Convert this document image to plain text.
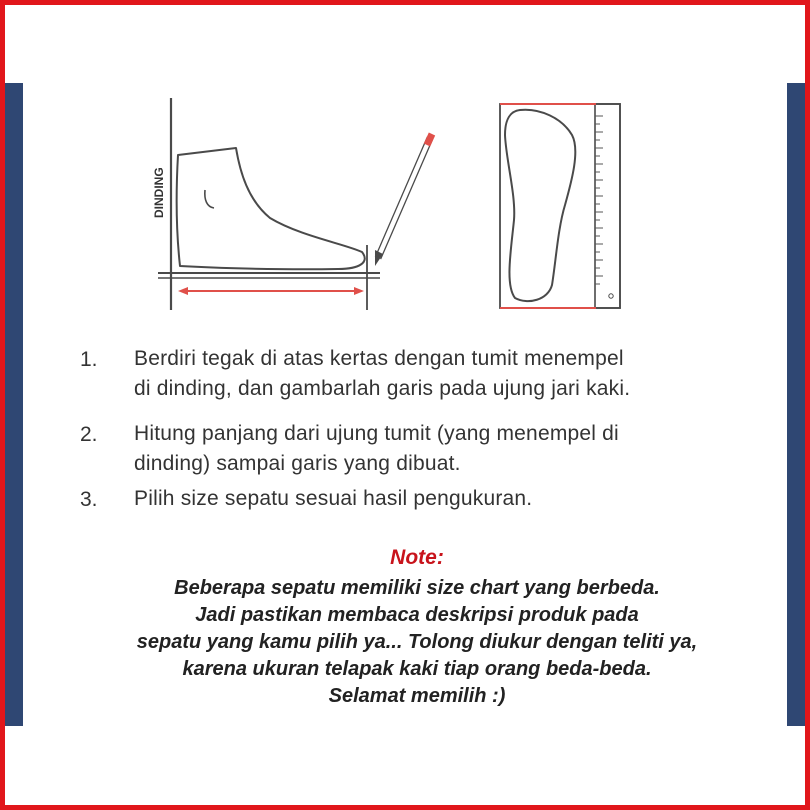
DINDING
1. Berdiri tegak di atas kertas dengan tumit menempel
di dinding, dan gambarlah garis pada ujung jari kaki.
2. Hitung panjang dari ujung tumit (yang menempel di
dinding) sampai garis yang dibuat.
3. Pilih size sepatu sesuai hasil pengukuran.
Note:
Beberapa sepatu memiliki size chart yang berbeda.
Jadi pastikan membaca deskripsi produk pada
sepatu yang kamu pilih ya... Tolong diukur dengan teliti ya,
karena ukuran telapak kaki tiap orang beda-beda.
Selamat memilih :)
